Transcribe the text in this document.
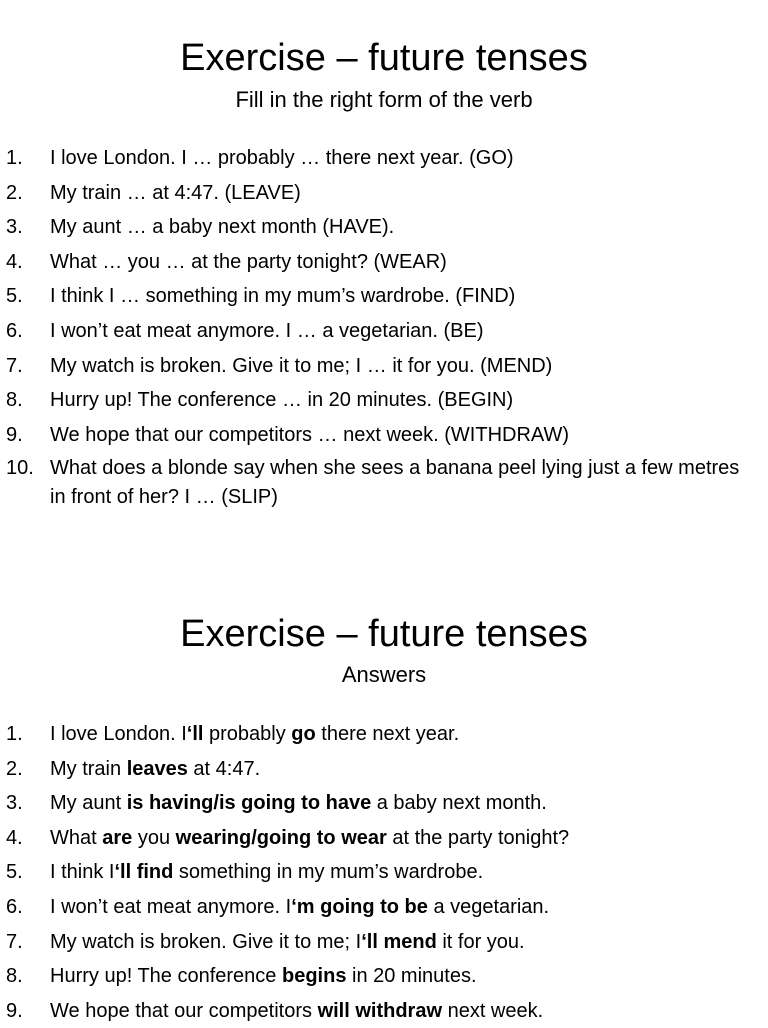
Exercise – future tenses

Fill in the right form of the verb

1. I love London. I … probably … there next year. (GO)
2. My train … at 4:47. (LEAVE)
3. My aunt … a baby next month (HAVE).
4. What … you … at the party tonight? (WEAR)
5. I think I … something in my mum’s wardrobe. (FIND)
6. I won’t eat meat anymore. I … a vegetarian. (BE)
7. My watch is broken. Give it to me; I … it for you. (MEND)
8. Hurry up! The conference … in 20 minutes. (BEGIN)
9. We hope that our competitors … next week. (WITHDRAW)
10. What does a blonde say when she sees a banana peel lying just a few metres in front of her? I … (SLIP)
Exercise – future tenses

Answers

1. I love London. I‘ll probably go there next year.
2. My train leaves at 4:47.
3. My aunt is having/is going to have a baby next month.
4. What are you wearing/going to wear at the party tonight?
5. I think I‘ll find something in my mum’s wardrobe.
6. I won’t eat meat anymore. I‘m going to be a vegetarian.
7. My watch is broken. Give it to me; I‘ll mend it for you.
8. Hurry up! The conference begins in 20 minutes.
9. We hope that our competitors will withdraw next week.
